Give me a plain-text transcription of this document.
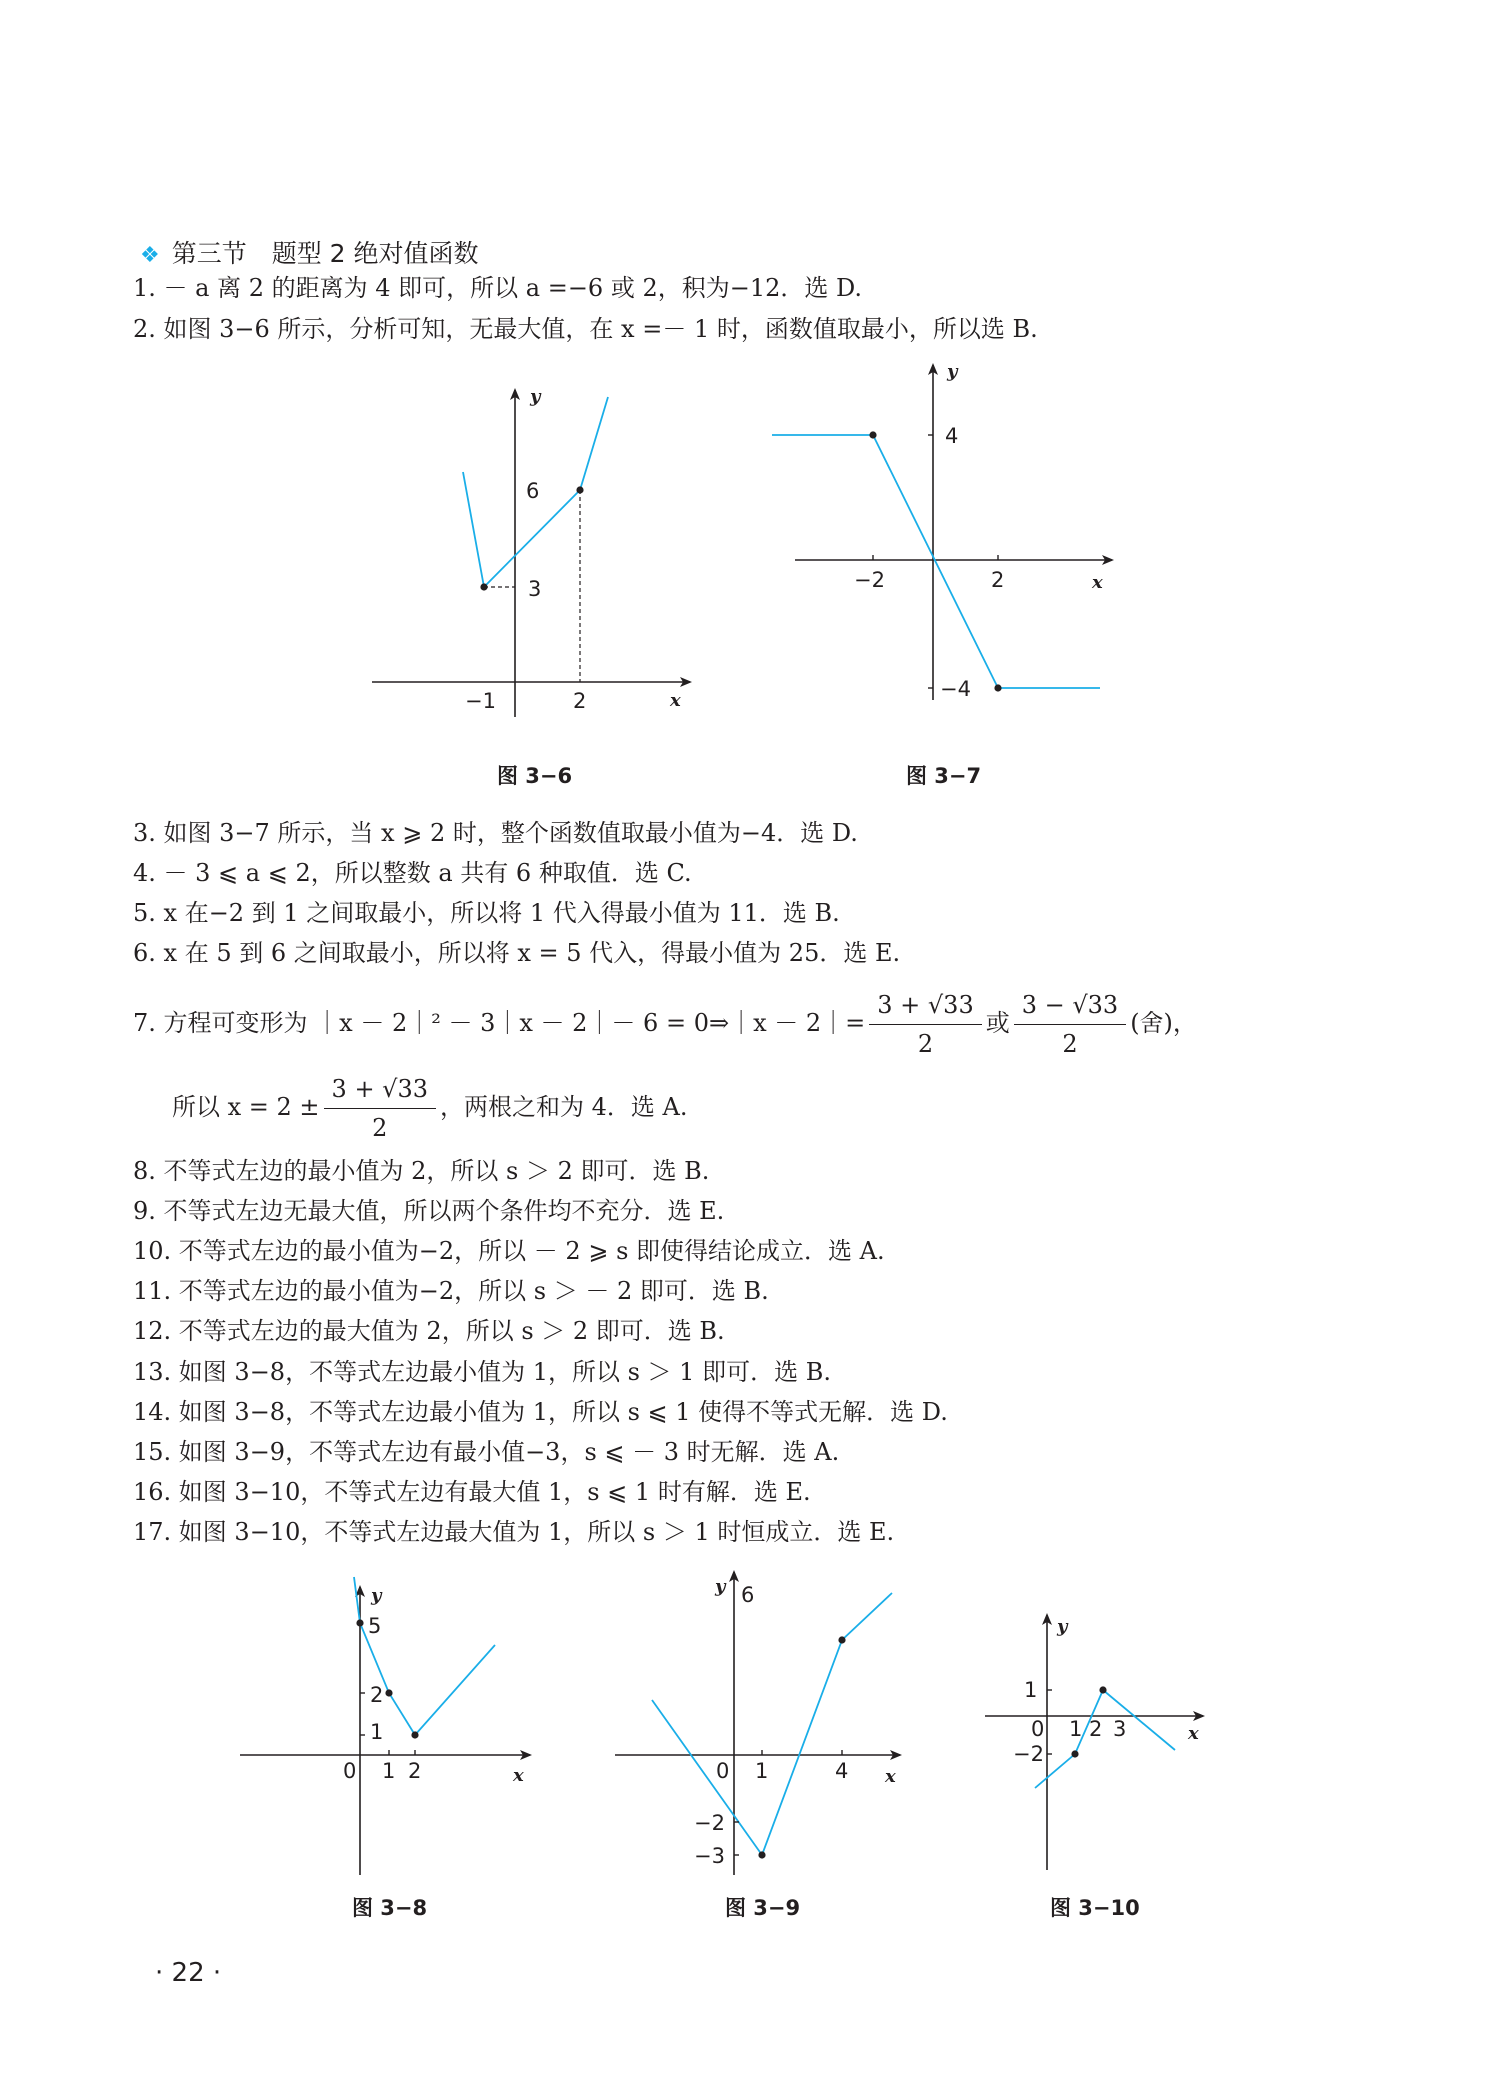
❖ 第三节　题型 2 绝对值函数
1. － a 离 2 的距离为 4 即可，所以 a =−6 或 2，积为−12．选 D.
2. 如图 3−6 所示，分析可知，无最大值，在 x =－ 1 时，函数值取最小，所以选 B.
y
x
6
3
−1	2
图 3−6
y
x
4
−4
−2	2
图 3−7
3. 如图 3−7 所示，当 x ⩾ 2 时，整个函数值取最小值为−4．选 D.
4. － 3 ⩽ a ⩽ 2，所以整数 a 共有 6 种取值．选 C.
5. x 在−2 到 1 之间取最小，所以将 1 代入得最小值为 11．选 B.
6. x 在 5 到 6 之间取最小，所以将 x = 5 代入，得最小值为 25．选 E.
7. 方程可变形为 ｜x － 2｜² － 3｜x － 2｜－ 6 = 0⇒｜x － 2｜= $\frac{3 + √33}{2}$ 或 $\frac{3 - √33}{2}$ (舍)，
所以 $x = 2 \pm \frac{3 + √33}{2}$ ，两根之和为 4．选 A.
8. 不等式左边的最小值为 2，所以 s ＞ 2 即可．选 B.
9. 不等式左边无最大值，所以两个条件均不充分．选 E.
10. 不等式左边的最小值为−2，所以 － 2 ⩾ s 即使得结论成立．选 A.
11. 不等式左边的最小值为−2，所以 s ＞ － 2 即可．选 B.
12. 不等式左边的最大值为 2，所以 s ＞ 2 即可．选 B.
13. 如图 3−8，不等式左边最小值为 1，所以 s ＞ 1 即可．选 B.
14. 如图 3−8，不等式左边最小值为 1，所以 s ⩽ 1 使得不等式无解．选 D.
15. 如图 3−9，不等式左边有最小值−3，s ⩽ － 3 时无解．选 A.
16. 如图 3−10，不等式左边有最大值 1，s ⩽ 1 时有解．选 E.
17. 如图 3−10，不等式左边最大值为 1，所以 s ＞ 1 时恒成立．选 E.
y
x
5
2
1
0 1 2
图 3−8
y
x
6
−2
−3
0 1	4
图 3−9
y
x
1
−2
0 1 2 3
图 3−10
· 22 ·
